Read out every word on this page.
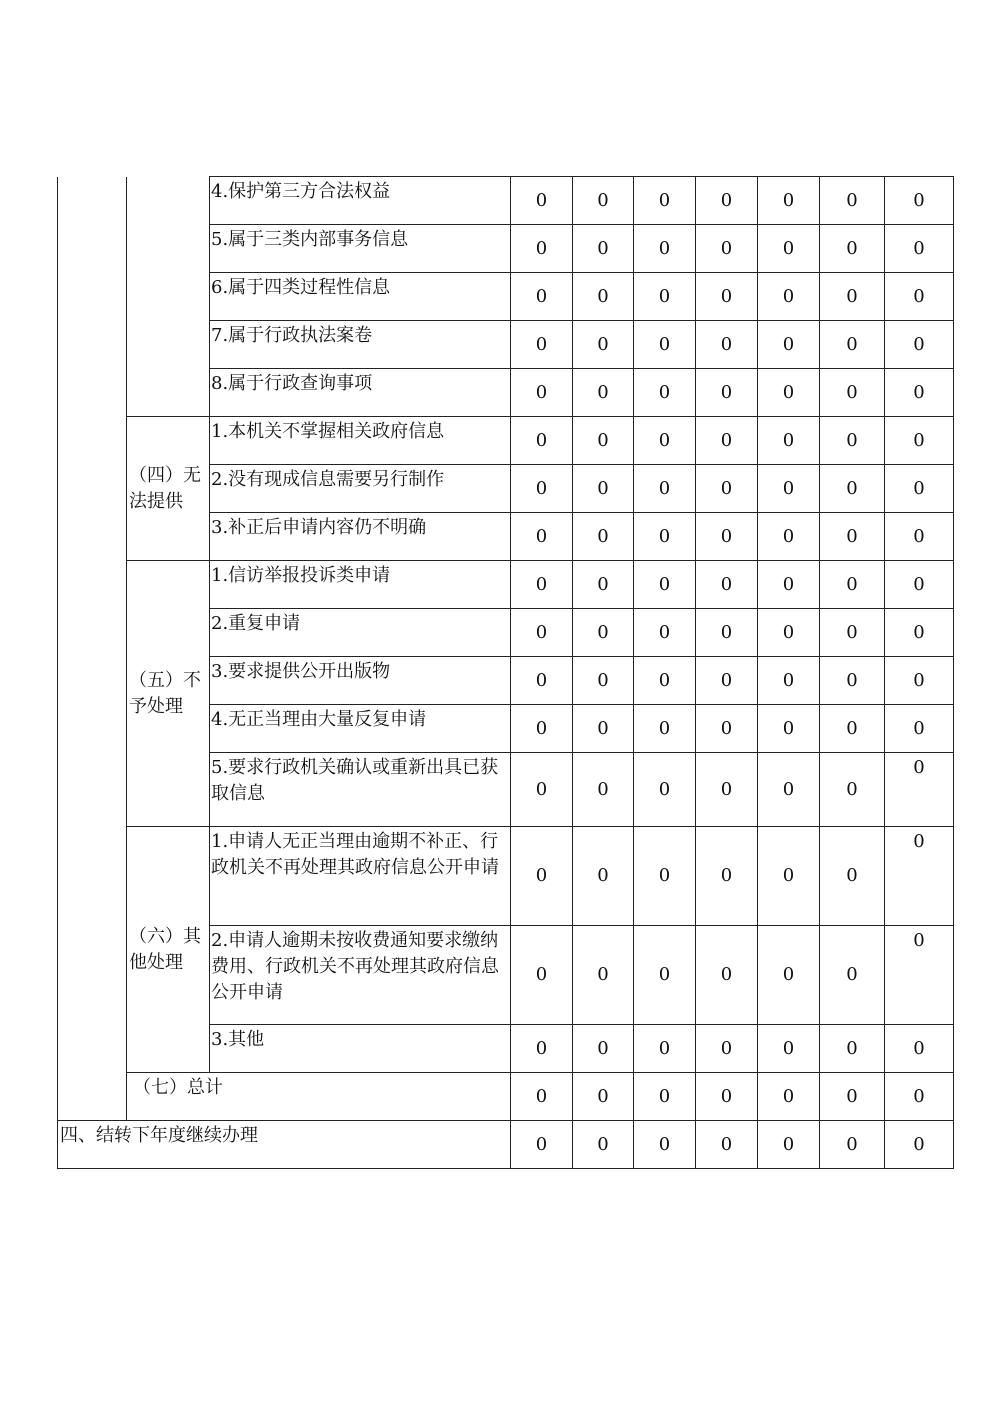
		4.保护第三方合法权益	0	0	0	0	0	0	0
		5.属于三类内部事务信息	0	0	0	0	0	0	0
		6.属于四类过程性信息	0	0	0	0	0	0	0
		7.属于行政执法案卷	0	0	0	0	0	0	0
		8.属于行政查询事项	0	0	0	0	0	0	0
	（四）无法提供	1.本机关不掌握相关政府信息	0	0	0	0	0	0	0
		2.没有现成信息需要另行制作	0	0	0	0	0	0	0
		3.补正后申请内容仍不明确	0	0	0	0	0	0	0
	（五）不予处理	1.信访举报投诉类申请	0	0	0	0	0	0	0
		2.重复申请	0	0	0	0	0	0	0
		3.要求提供公开出版物	0	0	0	0	0	0	0
		4.无正当理由大量反复申请	0	0	0	0	0	0	0
		5.要求行政机关确认或重新出具已获取信息	0	0	0	0	0	0	0
	（六）其他处理	1.申请人无正当理由逾期不补正、行政机关不再处理其政府信息公开申请	0	0	0	0	0	0	0
		2.申请人逾期未按收费通知要求缴纳费用、行政机关不再处理其政府信息公开申请	0	0	0	0	0	0	0
		3.其他	0	0	0	0	0	0	0
	（七）总计		0	0	0	0	0	0	0
四、结转下年度继续办理			0	0	0	0	0	0	0
